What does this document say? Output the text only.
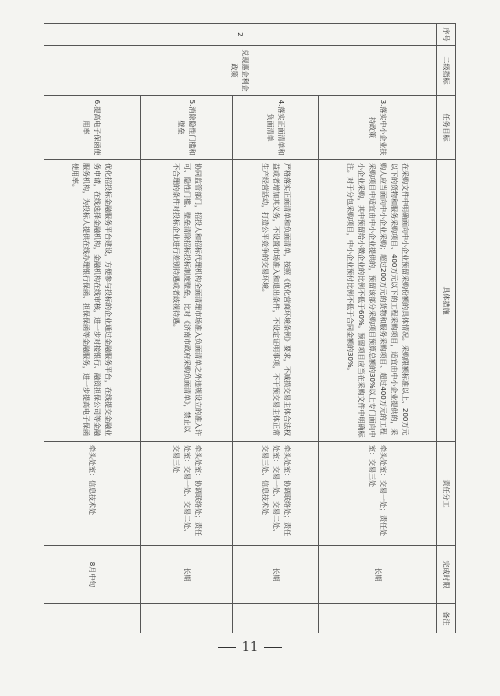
序号	二级指标	任务目标	具体措施	责任分工	完成时限	备注
2	兑现惠企利企政策	3.落实中小企业扶持政策	在采购文件中明确面向中小企业预留采购份额的具体情况。采购限额标准以上、200万元以下的货物和服务采购项目、400万元以下的工程采购项目，适宜由中小企业提供的，采购人应当面向中小企业采购；超过200万元的货物和服务采购项目、超过400万元的工程采购项目中适宜由中小企业提供的，预留该部分采购项目预算总额的30%以上专门面向中小企业采购，其中预留给小微企业的比例不低于60%。预留项目应当在采购文件中明确标注。对于分包采购项目，中小企业预付比例不低于合同金额的30%。	牵头处室：交易一处；责任处室：交易三处	长期	
		4.落实正面清单和负面清单	严格落实正面清单和负面清单，按照《优化营商环境条例》要求，不减损交易主体合法权益或者增加其义务，不设置市场准入和退出条件，不设定证明事项，不干预交易主体正常生产经营活动，打造公平竞争的交易环境。	牵头处室：协调联络处；责任处室：交易一处、交易二处、交易三处、信息技术处	长期	
		5.消除隐性门槛和壁垒	协同监管部门，招投人和招标代理机构全面清理市场准入负面清单之外违规设立的准入许可、隐性门槛、壁垒清除招标投标制度壁垒，比对《济南市政府采购负面清单》，禁止以不合理的条件对投标企业进行差别待遇或者歧视待遇。	牵头处室：协调联络处；责任处室：交易一处、交易二处、交易三处	长期	
		6.提高电子保函使用率	优化招投标金融服务平台建设，方便参与投标的企业通过金融服务平台，在线提交金融业务申请，在线选择金融机构，金融机构在线审核，进一步对接银行、融资担保公司等金融服务机构，为投标人提供在线办理银行保函、担保保函等金融服务，进一步提高电子保函使用率。	牵头处室：信息技术处	8月中旬	
11
